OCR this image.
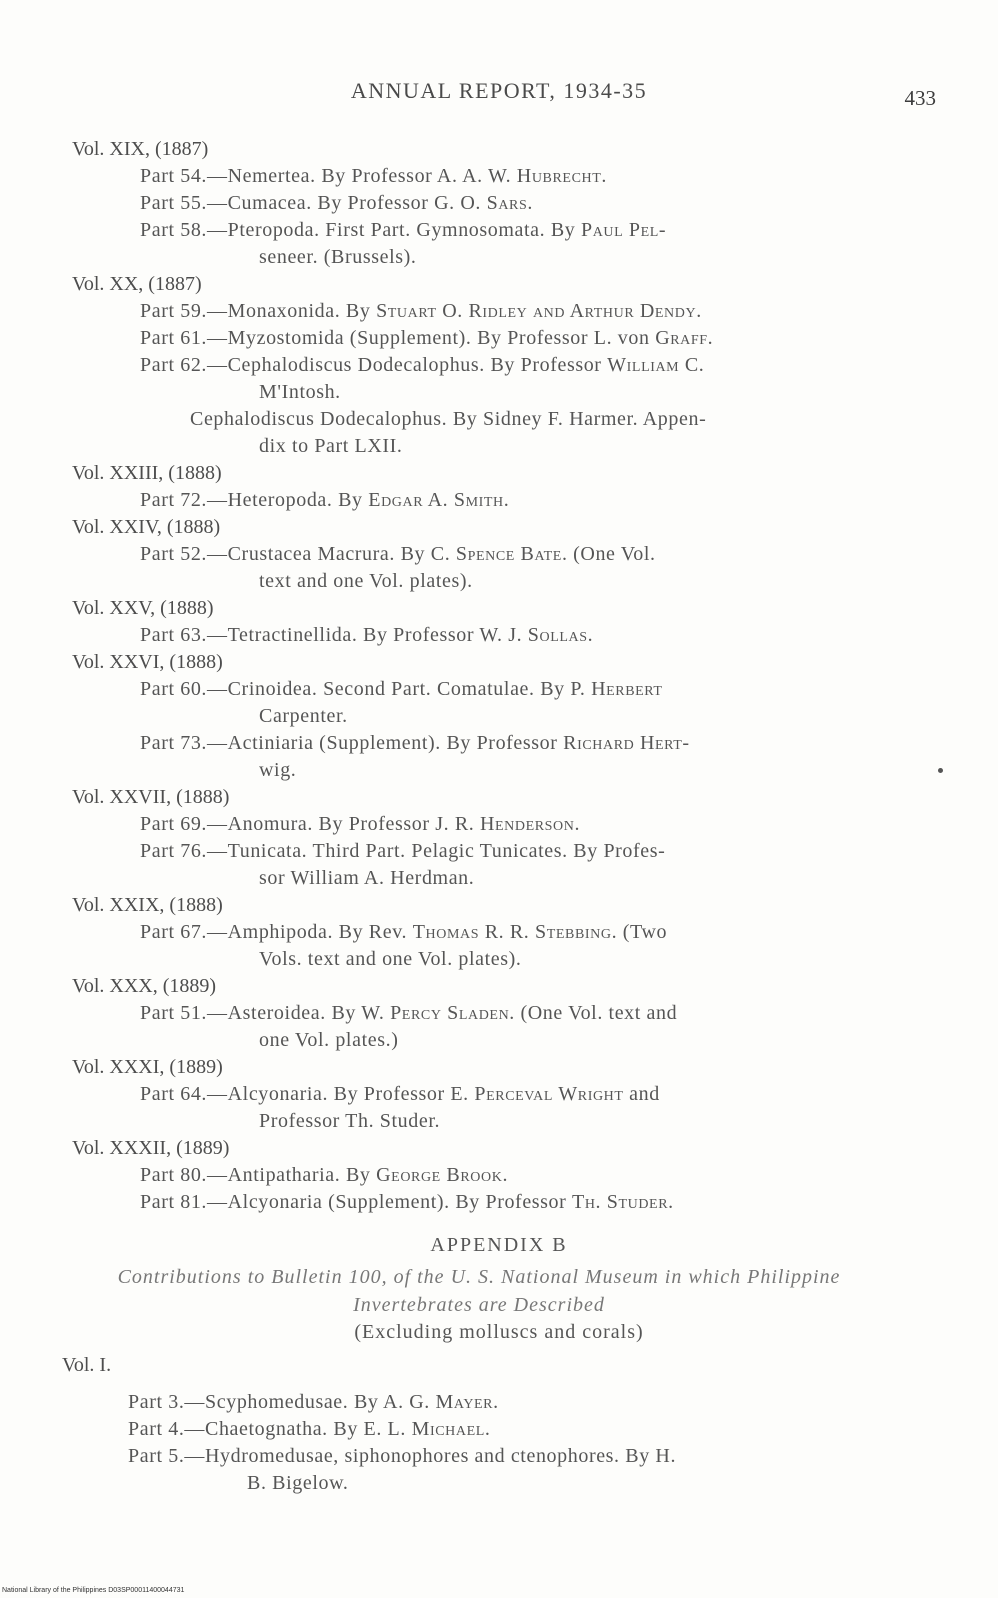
ANNUAL REPORT, 1934-35	433
Vol. XIX, (1887)
Part 54.—Nemertea. By Professor A. A. W. Hubrecht.
Part 55.—Cumacea. By Professor G. O. Sars.
Part 58.—Pteropoda. First Part. Gymnosomata. By Paul Pel-
seneer. (Brussels).
Vol. XX, (1887)
Part 59.—Monaxonida. By Stuart O. Ridley and Arthur Dendy.
Part 61.—Myzostomida (Supplement). By Professor L. von Graff.
Part 62.—Cephalodiscus Dodecalophus. By Professor William C.
M'Intosh.
Cephalodiscus Dodecalophus. By Sidney F. Harmer. Appen-
dix to Part LXII.
Vol. XXIII, (1888)
Part 72.—Heteropoda. By Edgar A. Smith.
Vol. XXIV, (1888)
Part 52.—Crustacea Macrura. By C. Spence Bate. (One Vol.
text and one Vol. plates).
Vol. XXV, (1888)
Part 63.—Tetractinellida. By Professor W. J. Sollas.
Vol. XXVI, (1888)
Part 60.—Crinoidea. Second Part. Comatulae. By P. Herbert
Carpenter.
Part 73.—Actiniaria (Supplement). By Professor Richard Hert-
wig.
Vol. XXVII, (1888)
Part 69.—Anomura. By Professor J. R. Henderson.
Part 76.—Tunicata. Third Part. Pelagic Tunicates. By Profes-
sor William A. Herdman.
Vol. XXIX, (1888)
Part 67.—Amphipoda. By Rev. Thomas R. R. Stebbing. (Two
Vols. text and one Vol. plates).
Vol. XXX, (1889)
Part 51.—Asteroidea. By W. Percy Sladen. (One Vol. text and
one Vol. plates.)
Vol. XXXI, (1889)
Part 64.—Alcyonaria. By Professor E. Perceval Wright and
Professor Th. Studer.
Vol. XXXII, (1889)
Part 80.—Antipatharia. By George Brook.
Part 81.—Alcyonaria (Supplement). By Professor Th. Studer.
APPENDIX B
Contributions to Bulletin 100, of the U. S. National Museum in which Philippine Invertebrates are Described
(Excluding molluscs and corals)
Vol. I.
Part 3.—Scyphomedusae. By A. G. Mayer.
Part 4.—Chaetognatha. By E. L. Michael.
Part 5.—Hydromedusae, siphonophores and ctenophores. By H.
B. Bigelow.
National Library of the Philippines D03SP00011400044731
